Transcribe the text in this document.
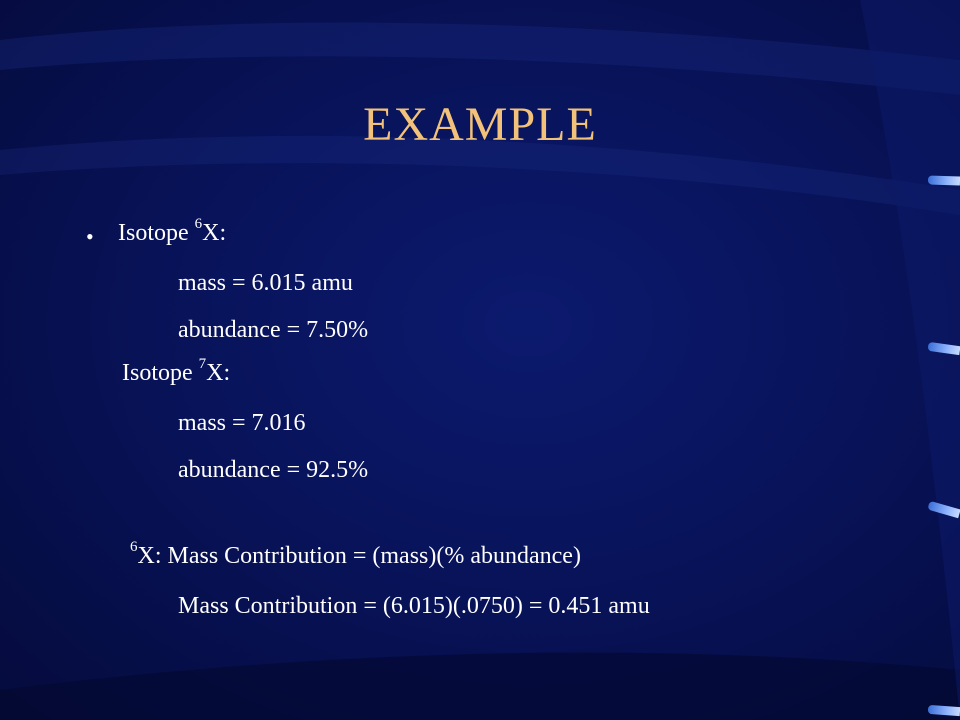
EXAMPLE
• Isotope $^6$X:
mass = 6.015 amu
abundance = 7.50%
Isotope $^7$X:
mass = 7.016
abundance = 92.5%
$^6$X: Mass Contribution = (mass)(% abundance)
Mass Contribution = (6.015)(.0750) = 0.451 amu
